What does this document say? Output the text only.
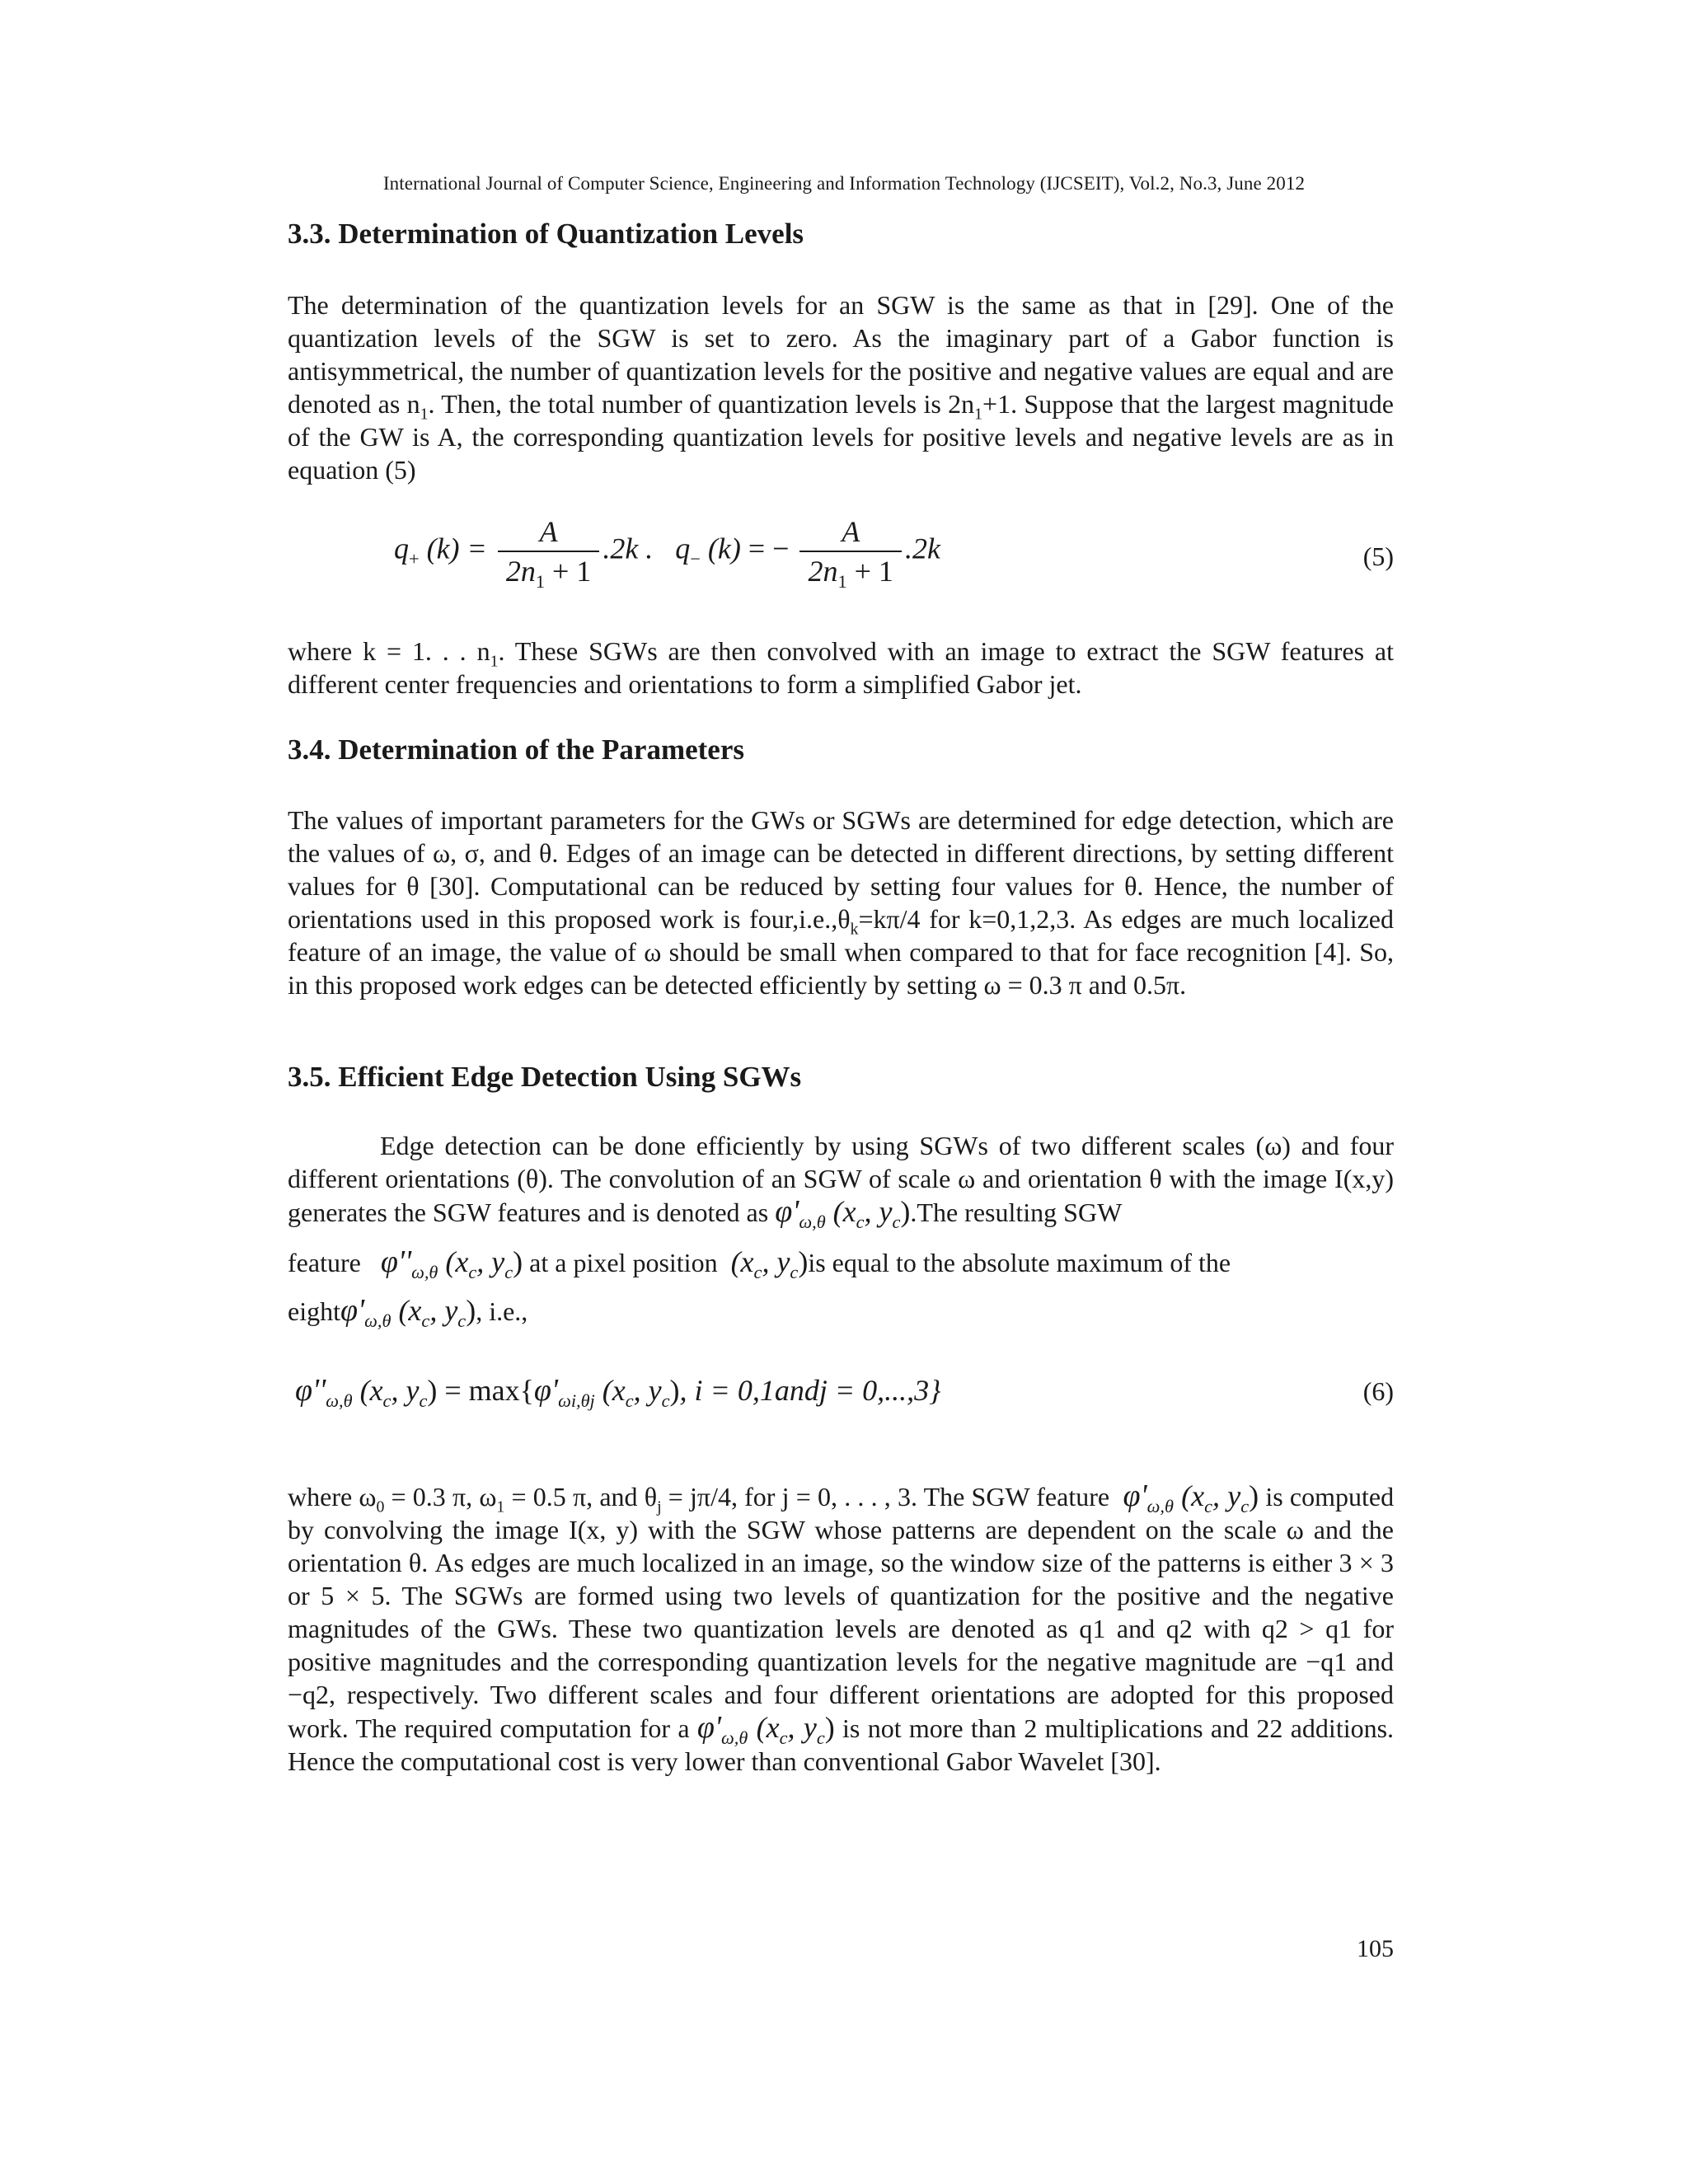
International Journal of Computer Science, Engineering and Information Technology (IJCSEIT), Vol.2, No.3, June 2012
3.3. Determination of Quantization Levels

The determination of the quantization levels for an SGW is the same as that in [29]. One of the quantization levels of the SGW is set to zero. As the imaginary part of a Gabor function is antisymmetrical, the number of quantization levels for the positive and negative values are equal and are denoted as $n_1$. Then, the total number of quantization levels is $2n_1+1$. Suppose that the largest magnitude of the GW is A, the corresponding quantization levels for positive levels and negative levels are as in equation (5)

$q_+$ $(k) = \frac{A}{2n_1 + 1} .2k$ . $q_-$ (k) = − $\frac{A}{2n_1 + 1} .2k$	(5)

where k = 1. . . $n_1$. These SGWs are then convolved with an image to extract the SGW features at different center frequencies and orientations to form a simplified Gabor jet.

3.4. Determination of the Parameters

The values of important parameters for the GWs or SGWs are determined for edge detection, which are the values of ω, σ, and θ. Edges of an image can be detected in different directions, by setting different values for θ [30]. Computational can be reduced by setting four values for θ. Hence, the number of orientations used in this proposed work is $four,i.e.,\theta_k=k\pi/4$ for k=0,1,2,3. As edges are much localized feature of an image, the value of ω should be small when compared to that for face recognition [4]. So, in this proposed work edges can be detected efficiently by setting ω = 0.3 π and 0.5π.

3.5. Efficient Edge Detection Using SGWs

Edge detection can be done efficiently by using SGWs of two different scales (ω) and four different orientations (θ). The convolution of an SGW of scale ω and orientation θ with the image I(x,y) generates the SGW features and is denoted as $\varphi'_{\omega,\theta}$ ($x_c$, $y_c).The$ resulting SGW

feature $\varphi''_{\omega,\theta}$ ($x_c$, $y_c$) at a pixel position ($x_c$, $y_c)is$ equal to the absolute maximum of the

$eight\varphi'_{\omega,\theta}$ ($x_c$, $y_c$), i.e.,

$\varphi''_{\omega,\theta}$ ($x_c$, $y_c) = \max\{\varphi'_{\omega i,\theta j}$ ($x_c$, $y_c$), i = 0,1andj = 0,...,3}	(6)

where $\omega_0 = 0.3$ π, $\omega_1 = 0.5$ π, and $\theta_j = j\pi/4$, for j = 0, . . . , 3. The SGW feature $\varphi'_{\omega,\theta}$ ($x_c$, $y_c$) is computed by convolving the image I(x, y) with the SGW whose patterns are dependent on the scale ω and the orientation θ. As edges are much localized in an image, so the window size of the patterns is either 3 × 3 or 5 × 5. The SGWs are formed using two levels of quantization for the positive and the negative magnitudes of the GWs. These two quantization levels are denoted as q1 and q2 with q2 > q1 for positive magnitudes and the corresponding quantization levels for the negative magnitude are −q1 and −q2, respectively. Two different scales and four different orientations are adopted for this proposed work. The required computation for a $\varphi'_{\omega,\theta}$ ($x_c$, $y_c$) is not more than 2 multiplications and 22 additions. Hence the computational cost is very lower than conventional Gabor Wavelet [30].

105
